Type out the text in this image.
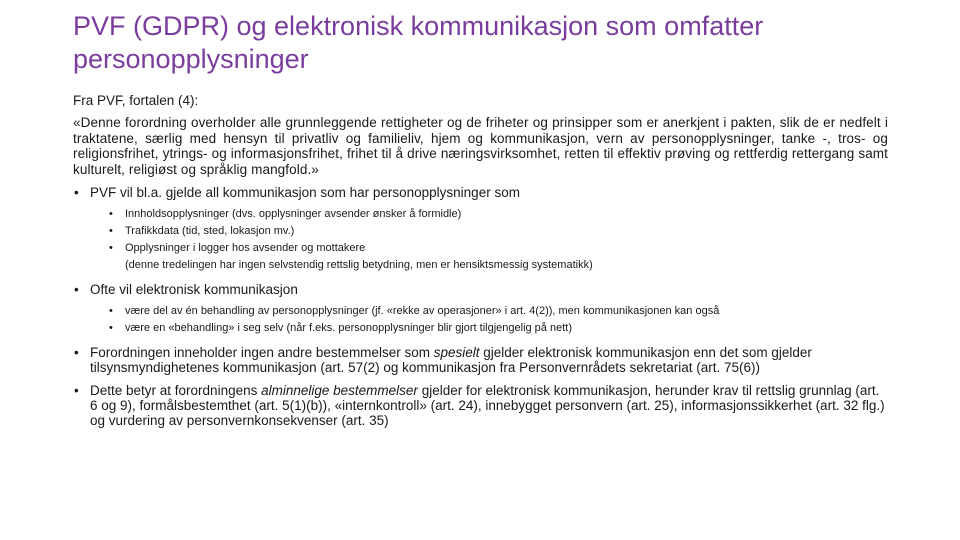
PVF (GDPR) og elektronisk kommunikasjon som omfatter personopplysninger

Fra PVF, fortalen (4):

«Denne forordning overholder alle grunnleggende rettigheter og de friheter og prinsipper som er anerkjent i pakten, slik de er nedfelt i traktatene, særlig med hensyn til privatliv og familieliv, hjem og kommunikasjon, vern av personopplysninger, tanke -, tros- og religionsfrihet, ytrings- og informasjonsfrihet, frihet til å drive næringsvirksomhet, retten til effektiv prøving og rettferdig rettergang samt kulturelt, religiøst og språklig mangfold.»

• PVF vil bl.a. gjelde all kommunikasjon som har personopplysninger som
• Innholdsopplysninger (dvs. opplysninger avsender ønsker å formidle)
• Trafikkdata (tid, sted, lokasjon mv.)
• Opplysninger i logger hos avsender og mottakere
(denne tredelingen har ingen selvstendig rettslig betydning, men er hensiktsmessig systematikk)
• Ofte vil elektronisk kommunikasjon
• være del av én behandling av personopplysninger (jf. «rekke av operasjoner» i art. 4(2)), men kommunikasjonen kan også
• være en «behandling» i seg selv (når f.eks. personopplysninger blir gjort tilgjengelig på nett)
• Forordningen inneholder ingen andre bestemmelser som spesielt gjelder elektronisk kommunikasjon enn det som gjelder tilsynsmyndighetenes kommunikasjon (art. 57(2) og kommunikasjon fra Personvernrådets sekretariat (art. 75(6))
• Dette betyr at forordningens alminnelige bestemmelser gjelder for elektronisk kommunikasjon, herunder krav til rettslig grunnlag (art. 6 og 9), formålsbestemthet (art. 5(1)(b)), «internkontroll» (art. 24), innebygget personvern (art. 25), informasjonssikkerhet (art. 32 flg.) og vurdering av personvernkonsekvenser (art. 35)
